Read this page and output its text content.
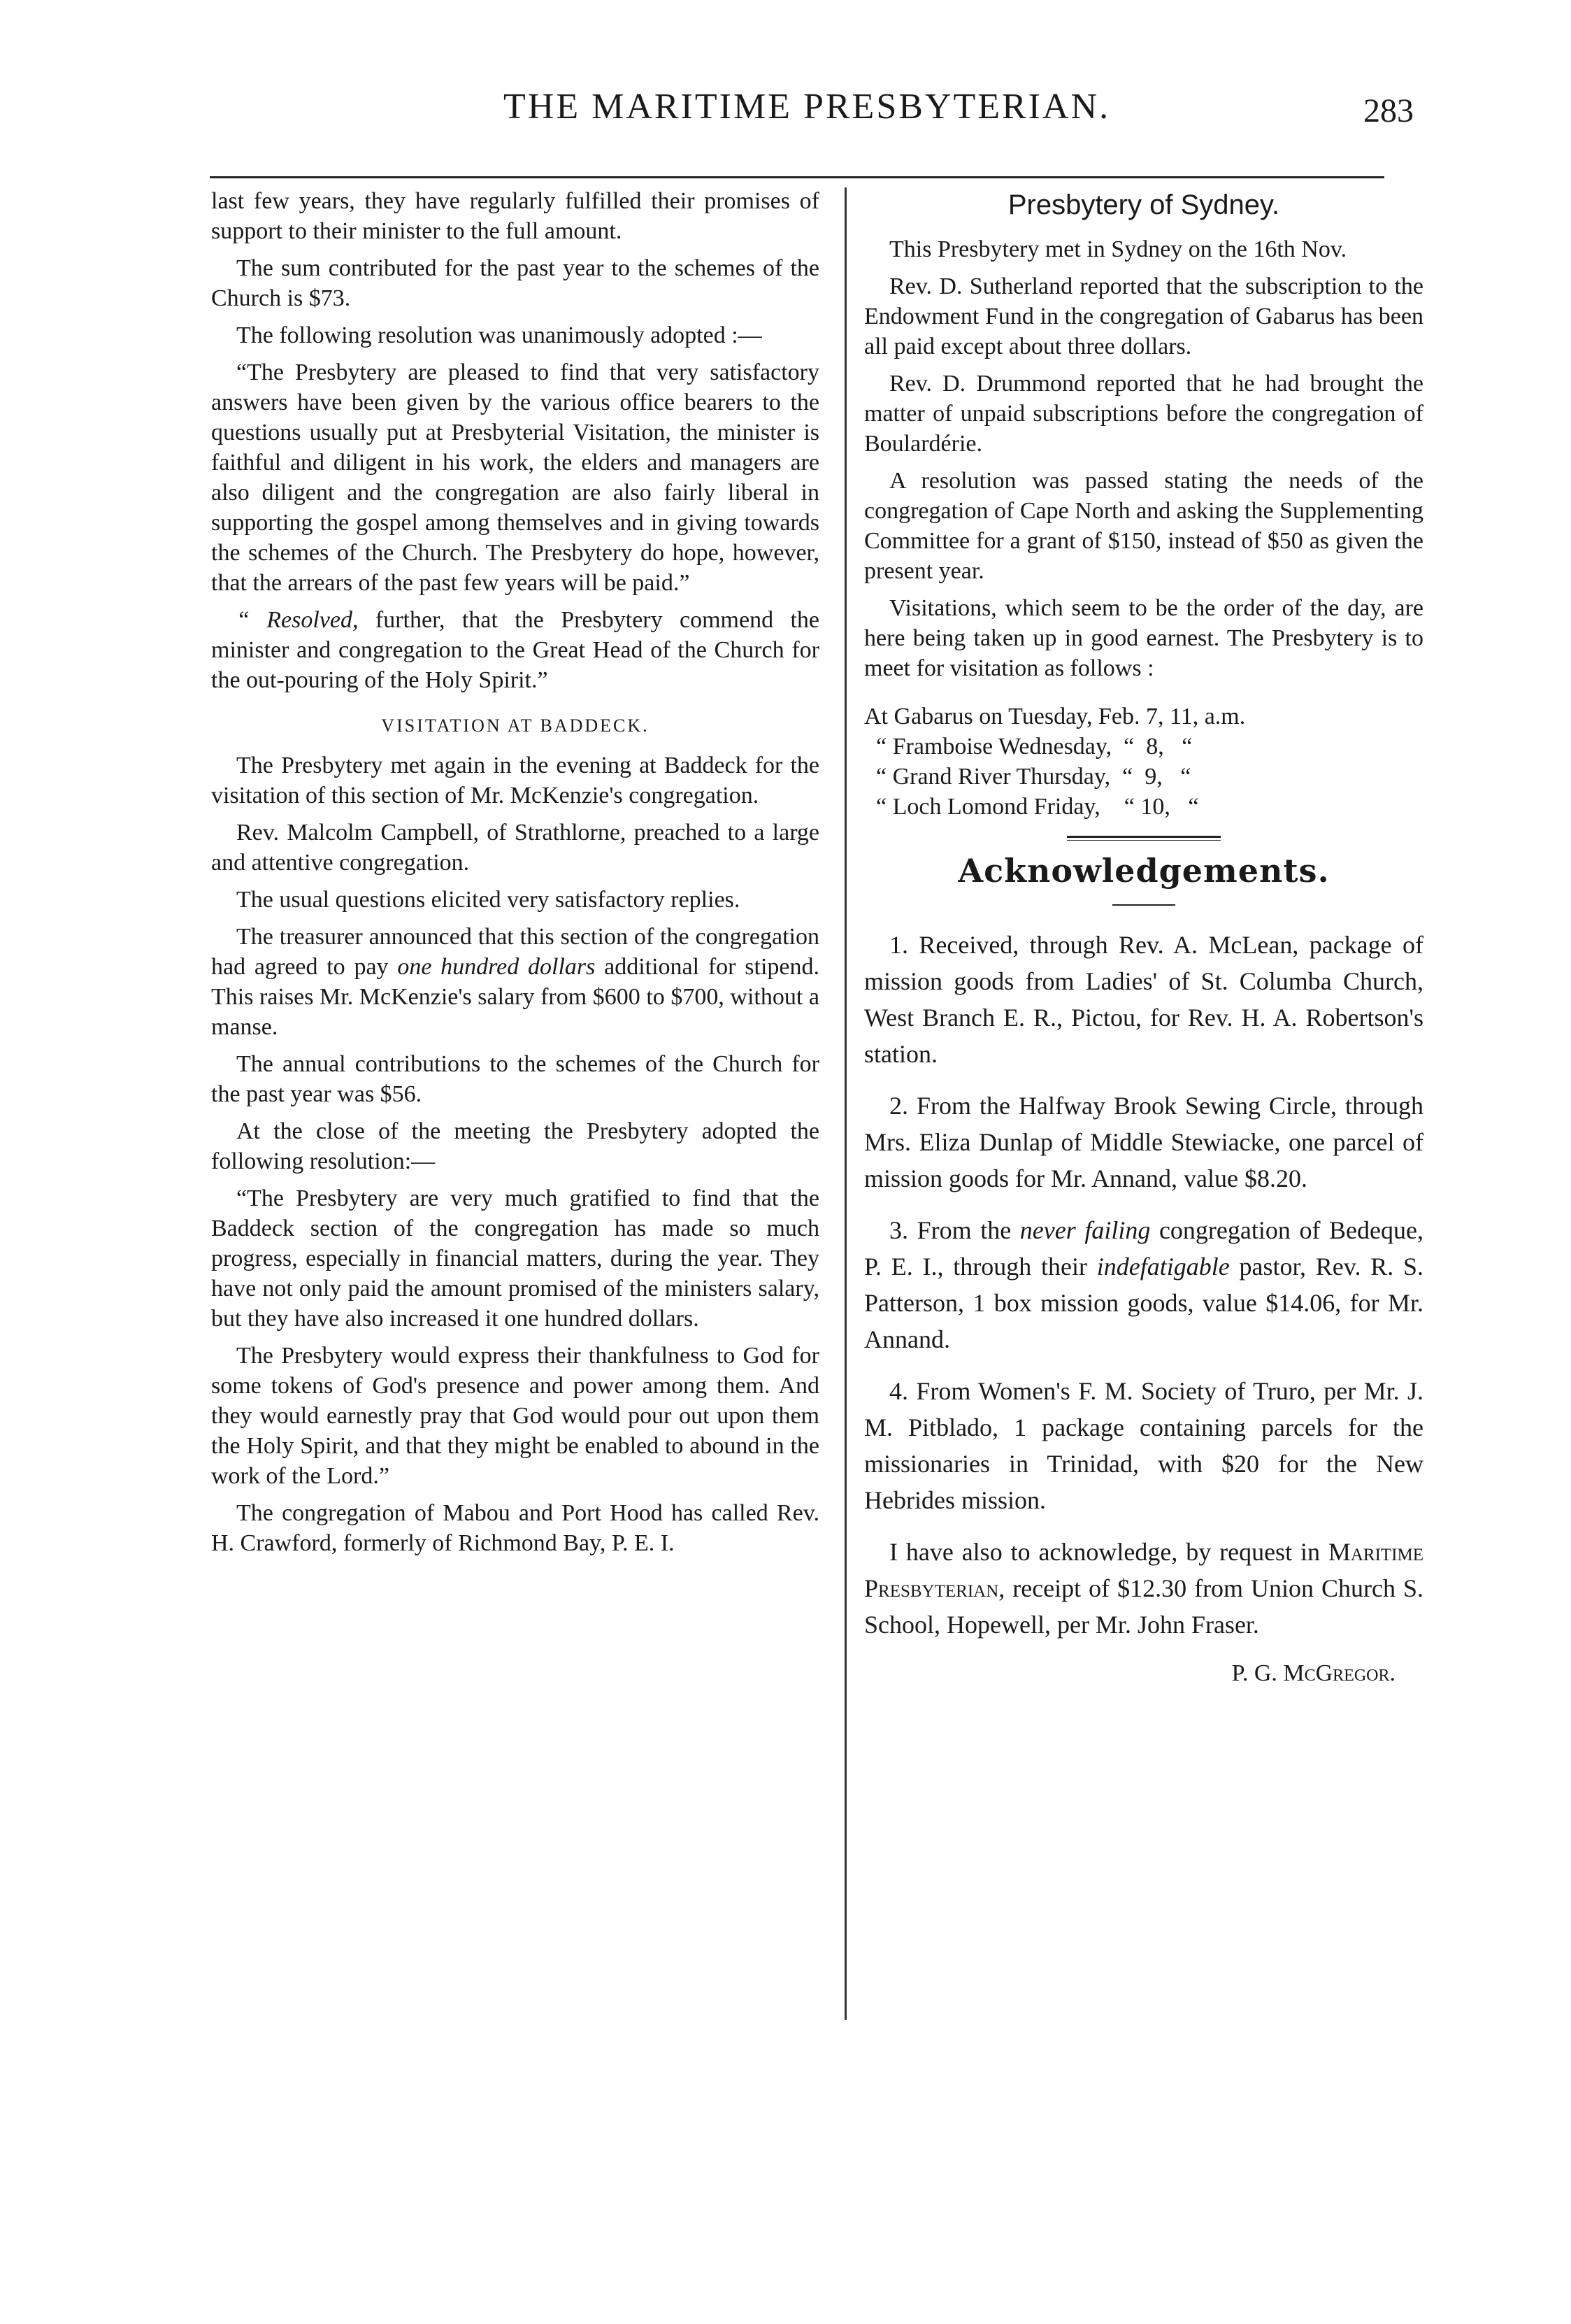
THE MARITIME PRESBYTERIAN.	283

last few years, they have regularly fulfilled their promises of support to their minister to the full amount.

The sum contributed for the past year to the schemes of the Church is $73.

The following resolution was unanimously adopted :—

“The Presbytery are pleased to find that very satisfactory answers have been given by the various office bearers to the questions usually put at Presbyterial Visitation, the minister is faithful and diligent in his work, the elders and managers are also diligent and the congregation are also fairly liberal in supporting the gospel among themselves and in giving towards the schemes of the Church. The Presbytery do hope, however, that the arrears of the past few years will be paid.”

“ Resolved, further, that the Presbytery commend the minister and congregation to the Great Head of the Church for the out-pouring of the Holy Spirit.”

VISITATION AT BADDECK.

The Presbytery met again in the evening at Baddeck for the visitation of this section of Mr. McKenzie's congregation.

Rev. Malcolm Campbell, of Strathlorne, preached to a large and attentive congregation.

The usual questions elicited very satisfactory replies.

The treasurer announced that this section of the congregation had agreed to pay one hundred dollars additional for stipend. This raises Mr. McKenzie's salary from $600 to $700, without a manse.

The annual contributions to the schemes of the Church for the past year was $56.

At the close of the meeting the Presbytery adopted the following resolution:—

“The Presbytery are very much gratified to find that the Baddeck section of the congregation has made so much progress, especially in financial matters, during the year. They have not only paid the amount promised of the ministers salary, but they have also increased it one hundred dollars.

The Presbytery would express their thankfulness to God for some tokens of God's presence and power among them. And they would earnestly pray that God would pour out upon them the Holy Spirit, and that they might be enabled to abound in the work of the Lord.”

The congregation of Mabou and Port Hood has called Rev. H. Crawford, formerly of Richmond Bay, P. E. I.

Presbytery of Sydney.

This Presbytery met in Sydney on the 16th Nov.

Rev. D. Sutherland reported that the subscription to the Endowment Fund in the congregation of Gabarus has been all paid except about three dollars.

Rev. D. Drummond reported that he had brought the matter of unpaid subscriptions before the congregation of Boulardérie.

A resolution was passed stating the needs of the congregation of Cape North and asking the Supplementing Committee for a grant of $150, instead of $50 as given the present year.

Visitations, which seem to be the order of the day, are here being taken up in good earnest. The Presbytery is to meet for visitation as follows :

At Gabarus on Tuesday, Feb. 7, 11, a.m.
“ Framboise Wednesday,  “  8,   “
“ Grand River Thursday,  “  9,   “
“ Loch Lomond Friday,    “ 10,   “
Acknowledgements.

1. Received, through Rev. A. McLean, package of mission goods from Ladies' of St. Columba Church, West Branch E. R., Pictou, for Rev. H. A. Robertson's station.

2. From the Halfway Brook Sewing Circle, through Mrs. Eliza Dunlap of Middle Stewiacke, one parcel of mission goods for Mr. Annand, value $8.20.

3. From the never failing congregation of Bedeque, P. E. I., through their indefatigable pastor, Rev. R. S. Patterson, 1 box mission goods, value $14.06, for Mr. Annand.

4. From Women's F. M. Society of Truro, per Mr. J. M. Pitblado, 1 package containing parcels for the missionaries in Trinidad, with $20 for the New Hebrides mission.

I have also to acknowledge, by request in Maritime Presbyterian, receipt of $12.30 from Union Church S. School, Hopewell, per Mr. John Fraser.

P. G. McGregor.
